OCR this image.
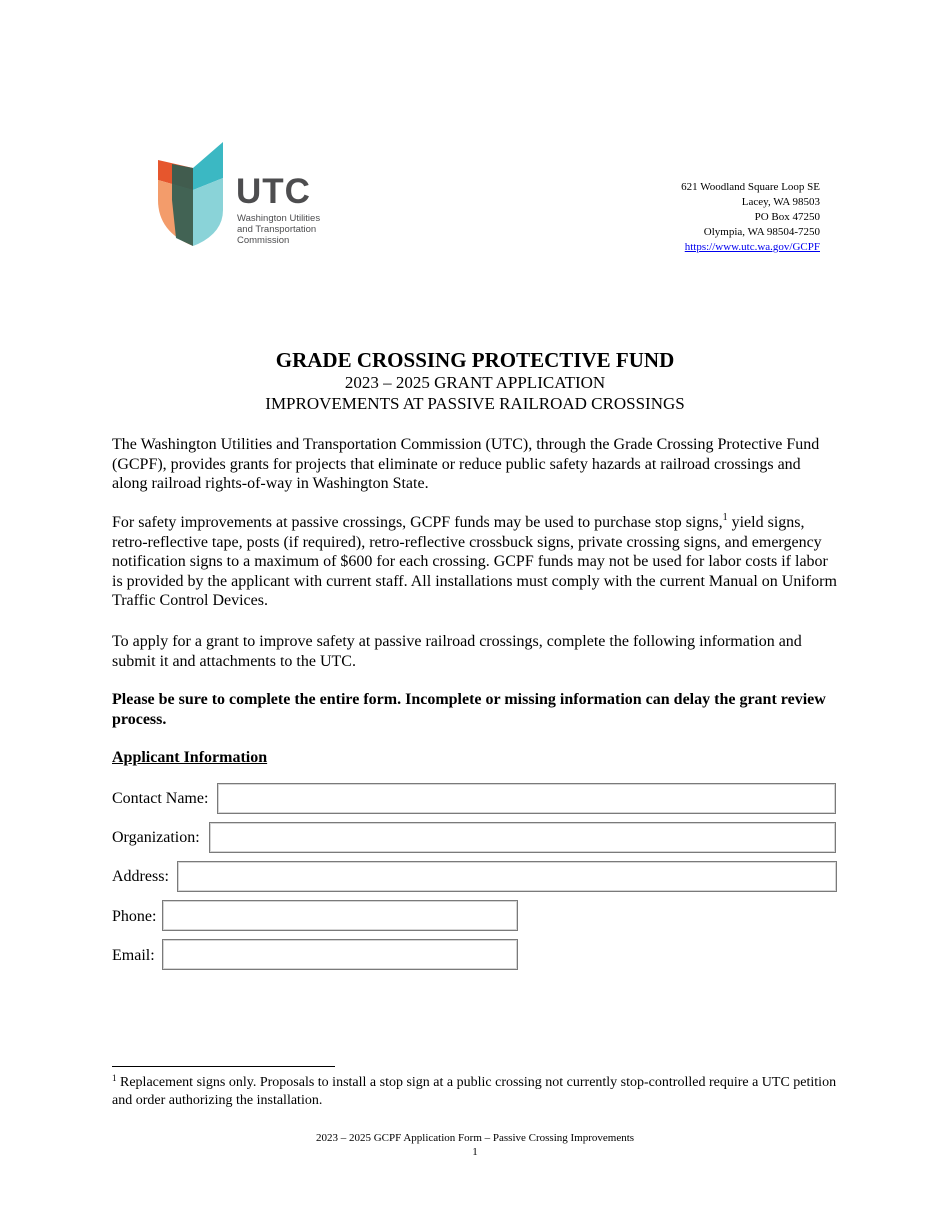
UTC
Washington Utilities
and Transportation
Commission
621 Woodland Square Loop SE
Lacey, WA 98503
PO Box 47250
Olympia, WA 98504-7250
https://www.utc.wa.gov/GCPF
GRADE CROSSING PROTECTIVE FUND
2023 – 2025 GRANT APPLICATION
IMPROVEMENTS AT PASSIVE RAILROAD CROSSINGS
The Washington Utilities and Transportation Commission (UTC), through the Grade Crossing Protective Fund (GCPF), provides grants for projects that eliminate or reduce public safety hazards at railroad crossings and along railroad rights-of-way in Washington State.
For safety improvements at passive crossings, GCPF funds may be used to purchase stop signs,$^1$ yield signs, retro-reflective tape, posts (if required), retro-reflective crossbuck signs, private crossing signs, and emergency notification signs to a maximum of $600 for each crossing. GCPF funds may not be used for labor costs if labor is provided by the applicant with current staff. All installations must comply with the current Manual on Uniform Traffic Control Devices.
To apply for a grant to improve safety at passive railroad crossings, complete the following information and submit it and attachments to the UTC.
Please be sure to complete the entire form. Incomplete or missing information can delay the grant review process.
Applicant Information
Contact Name:
Organization:
Address:
Phone:
Email:
$^1$ Replacement signs only. Proposals to install a stop sign at a public crossing not currently stop-controlled require a UTC petition and order authorizing the installation.
2023 – 2025 GCPF Application Form – Passive Crossing Improvements
1
